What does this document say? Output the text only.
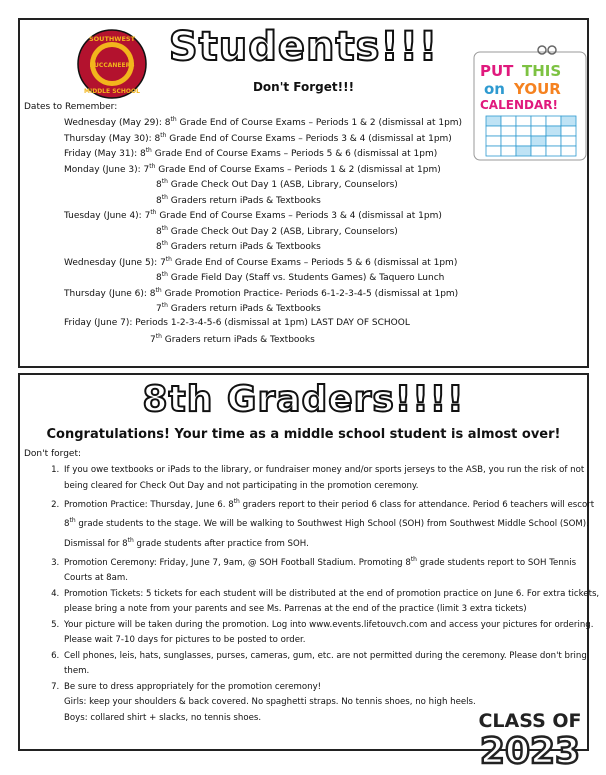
SOUTHWEST
BUCCANEERS
MIDDLE SCHOOL
Students!!!
Don't Forget!!!
Dates to Remember:
Wednesday (May 29): 8th Grade End of Course Exams – Periods 1 & 2 (dismissal at 1pm)
Thursday (May 30): 8th Grade End of Course Exams – Periods 3 & 4 (dismissal at 1pm)
Friday (May 31): 8th Grade End of Course Exams – Periods 5 & 6 (dismissal at 1pm)
Monday (June 3): 7th Grade End of Course Exams – Periods 1 & 2 (dismissal at 1pm)
8th Grade Check Out Day 1 (ASB, Library, Counselors)
8th Graders return iPads & Textbooks
Tuesday (June 4): 7th Grade End of Course Exams – Periods 3 & 4 (dismissal at 1pm)
8th Grade Check Out Day 2 (ASB, Library, Counselors)
8th Graders return iPads & Textbooks
Wednesday (June 5): 7th Grade End of Course Exams – Periods 5 & 6 (dismissal at 1pm)
8th Grade Field Day (Staff vs. Students Games) & Taquero Lunch
Thursday (June 6): 8th Grade Promotion Practice- Periods 6-1-2-3-4-5 (dismissal at 1pm)
7th Graders return iPads & Textbooks
Friday (June 7): Periods 1-2-3-4-5-6 (dismissal at 1pm) LAST DAY OF SCHOOL
7th Graders return iPads & Textbooks
PUT THIS
on YOUR
CALENDAR!
8th Graders!!!!
Congratulations! Your time as a middle school student is almost over!
Don't forget:
1. If you owe textbooks or iPads to the library, or fundraiser money and/or sports jerseys to the ASB, you run the risk of not being cleared for Check Out Day and not participating in the promotion ceremony.
2. Promotion Practice: Thursday, June 6. 8th graders report to their period 6 class for attendance. Period 6 teachers will escort 8th grade students to the stage. We will be walking to Southwest High School (SOH) from Southwest Middle School (SOM). Dismissal for 8th grade students after practice from SOH.
3. Promotion Ceremony: Friday, June 7, 9am, @ SOH Football Stadium. Promoting 8th grade students report to SOH Tennis Courts at 8am.
4. Promotion Tickets: 5 tickets for each student will be distributed at the end of promotion practice on June 6. For extra tickets, please bring a note from your parents and see Ms. Parrenas at the end of the practice (limit 3 extra tickets)
5. Your picture will be taken during the promotion. Log into www.events.lifetouvch.com and access your pictures for ordering. Please wait 7-10 days for pictures to be posted to order.
6. Cell phones, leis, hats, sunglasses, purses, cameras, gum, etc. are not permitted during the ceremony. Please don't bring them.
7. Be sure to dress appropriately for the promotion ceremony!
Girls: keep your shoulders & back covered. No spaghetti straps. No tennis shoes, no high heels.
Boys: collared shirt + slacks, no tennis shoes.	CLASS OF
2023
